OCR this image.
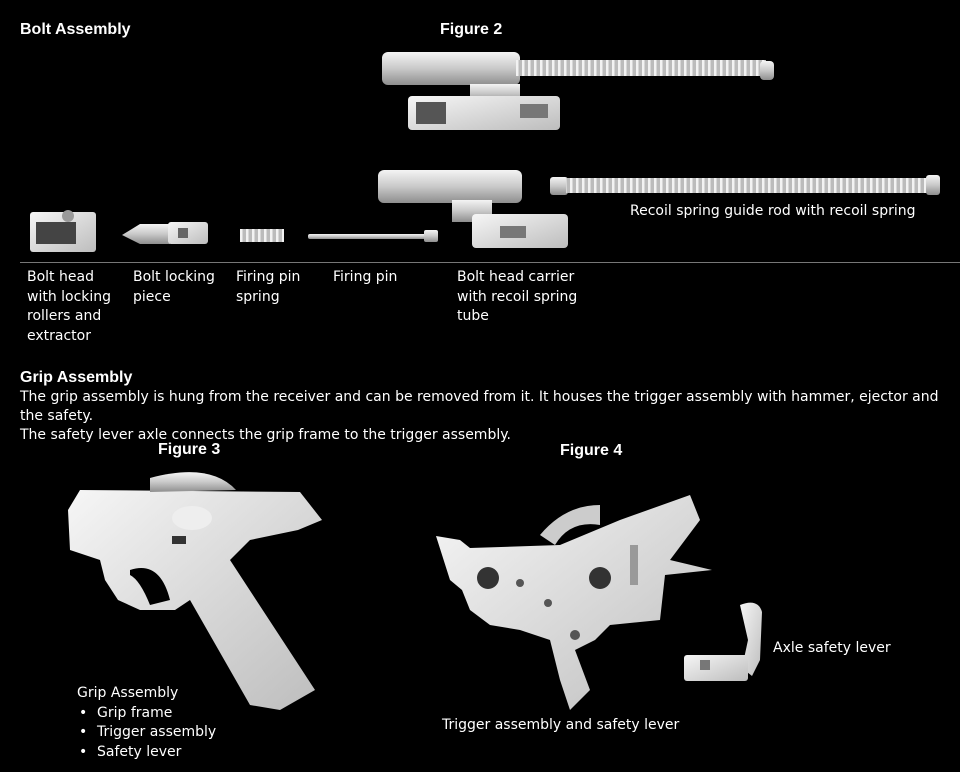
Bolt Assembly	Figure 2
Recoil spring guide rod with recoil spring
Bolt head
with locking
rollers and
extractor
Bolt locking
piece
Firing pin
spring
Firing pin	Bolt head carrier
with recoil spring
tube
Grip Assembly
The grip assembly is hung from the receiver and can be removed from it. It houses the trigger assembly with hammer, ejector and the safety.
The safety lever axle connects the grip frame to the trigger assembly.
Figure 3	Figure 4
Grip Assembly
• Grip frame
• Trigger assembly
• Safety lever
Trigger assembly and safety lever
Axle safety lever
